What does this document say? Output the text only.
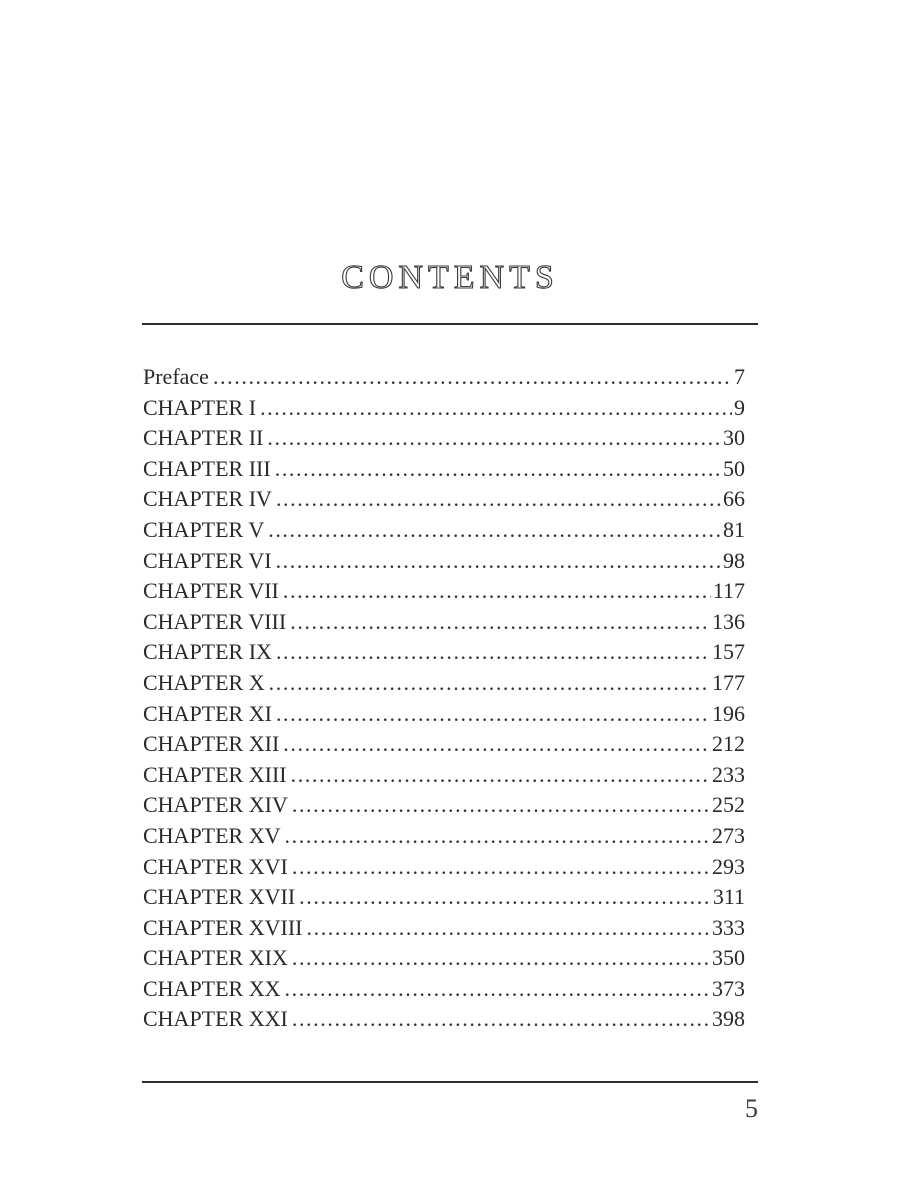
CONTENTS
Preface .....	7
CHAPTER I .....	9
CHAPTER II .....	30
CHAPTER III .....	50
CHAPTER IV .....	66
CHAPTER V .....	81
CHAPTER VI .....	98
CHAPTER VII .....	117
CHAPTER VIII .....	136
CHAPTER IX .....	157
CHAPTER X .....	177
CHAPTER XI .....	196
CHAPTER XII .....	212
CHAPTER XIII .....	233
CHAPTER XIV .....	252
CHAPTER XV .....	273
CHAPTER XVI .....	293
CHAPTER XVII .....	311
CHAPTER XVIII .....	333
CHAPTER XIX .....	350
CHAPTER XX .....	373
CHAPTER XXI .....	398
5
